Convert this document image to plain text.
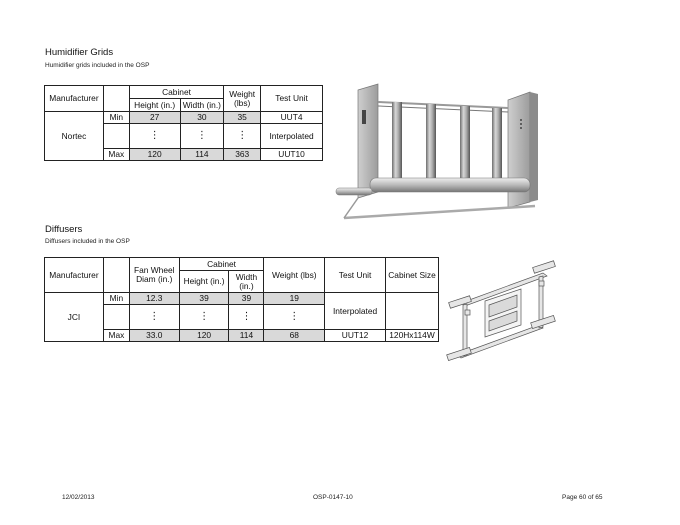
Humidifier Grids
Humidifier grids included in the OSP
Manufacturer		Cabinet		Weight (lbs)	Test Unit
		Height (in.)	Width (in.)		
Nortec	Min	27	30	35	UUT4
		⋮	⋮	⋮	Interpolated
	Max	120	114	363	UUT10
Diffusers
Diffusers included in the OSP
Manufacturer		Fan Wheel Diam (in.)	Cabinet		Weight (lbs)	Test Unit	Cabinet Size
			Height (in.)	Width (in.)			
JCI	Min	12.3	39	39	19	Interpolated	
		⋮	⋮	⋮	⋮		
	Max	33.0	120	114	68	UUT12	120Hx114W
12/02/2013	OSP-0147-10	Page 60 of 65
